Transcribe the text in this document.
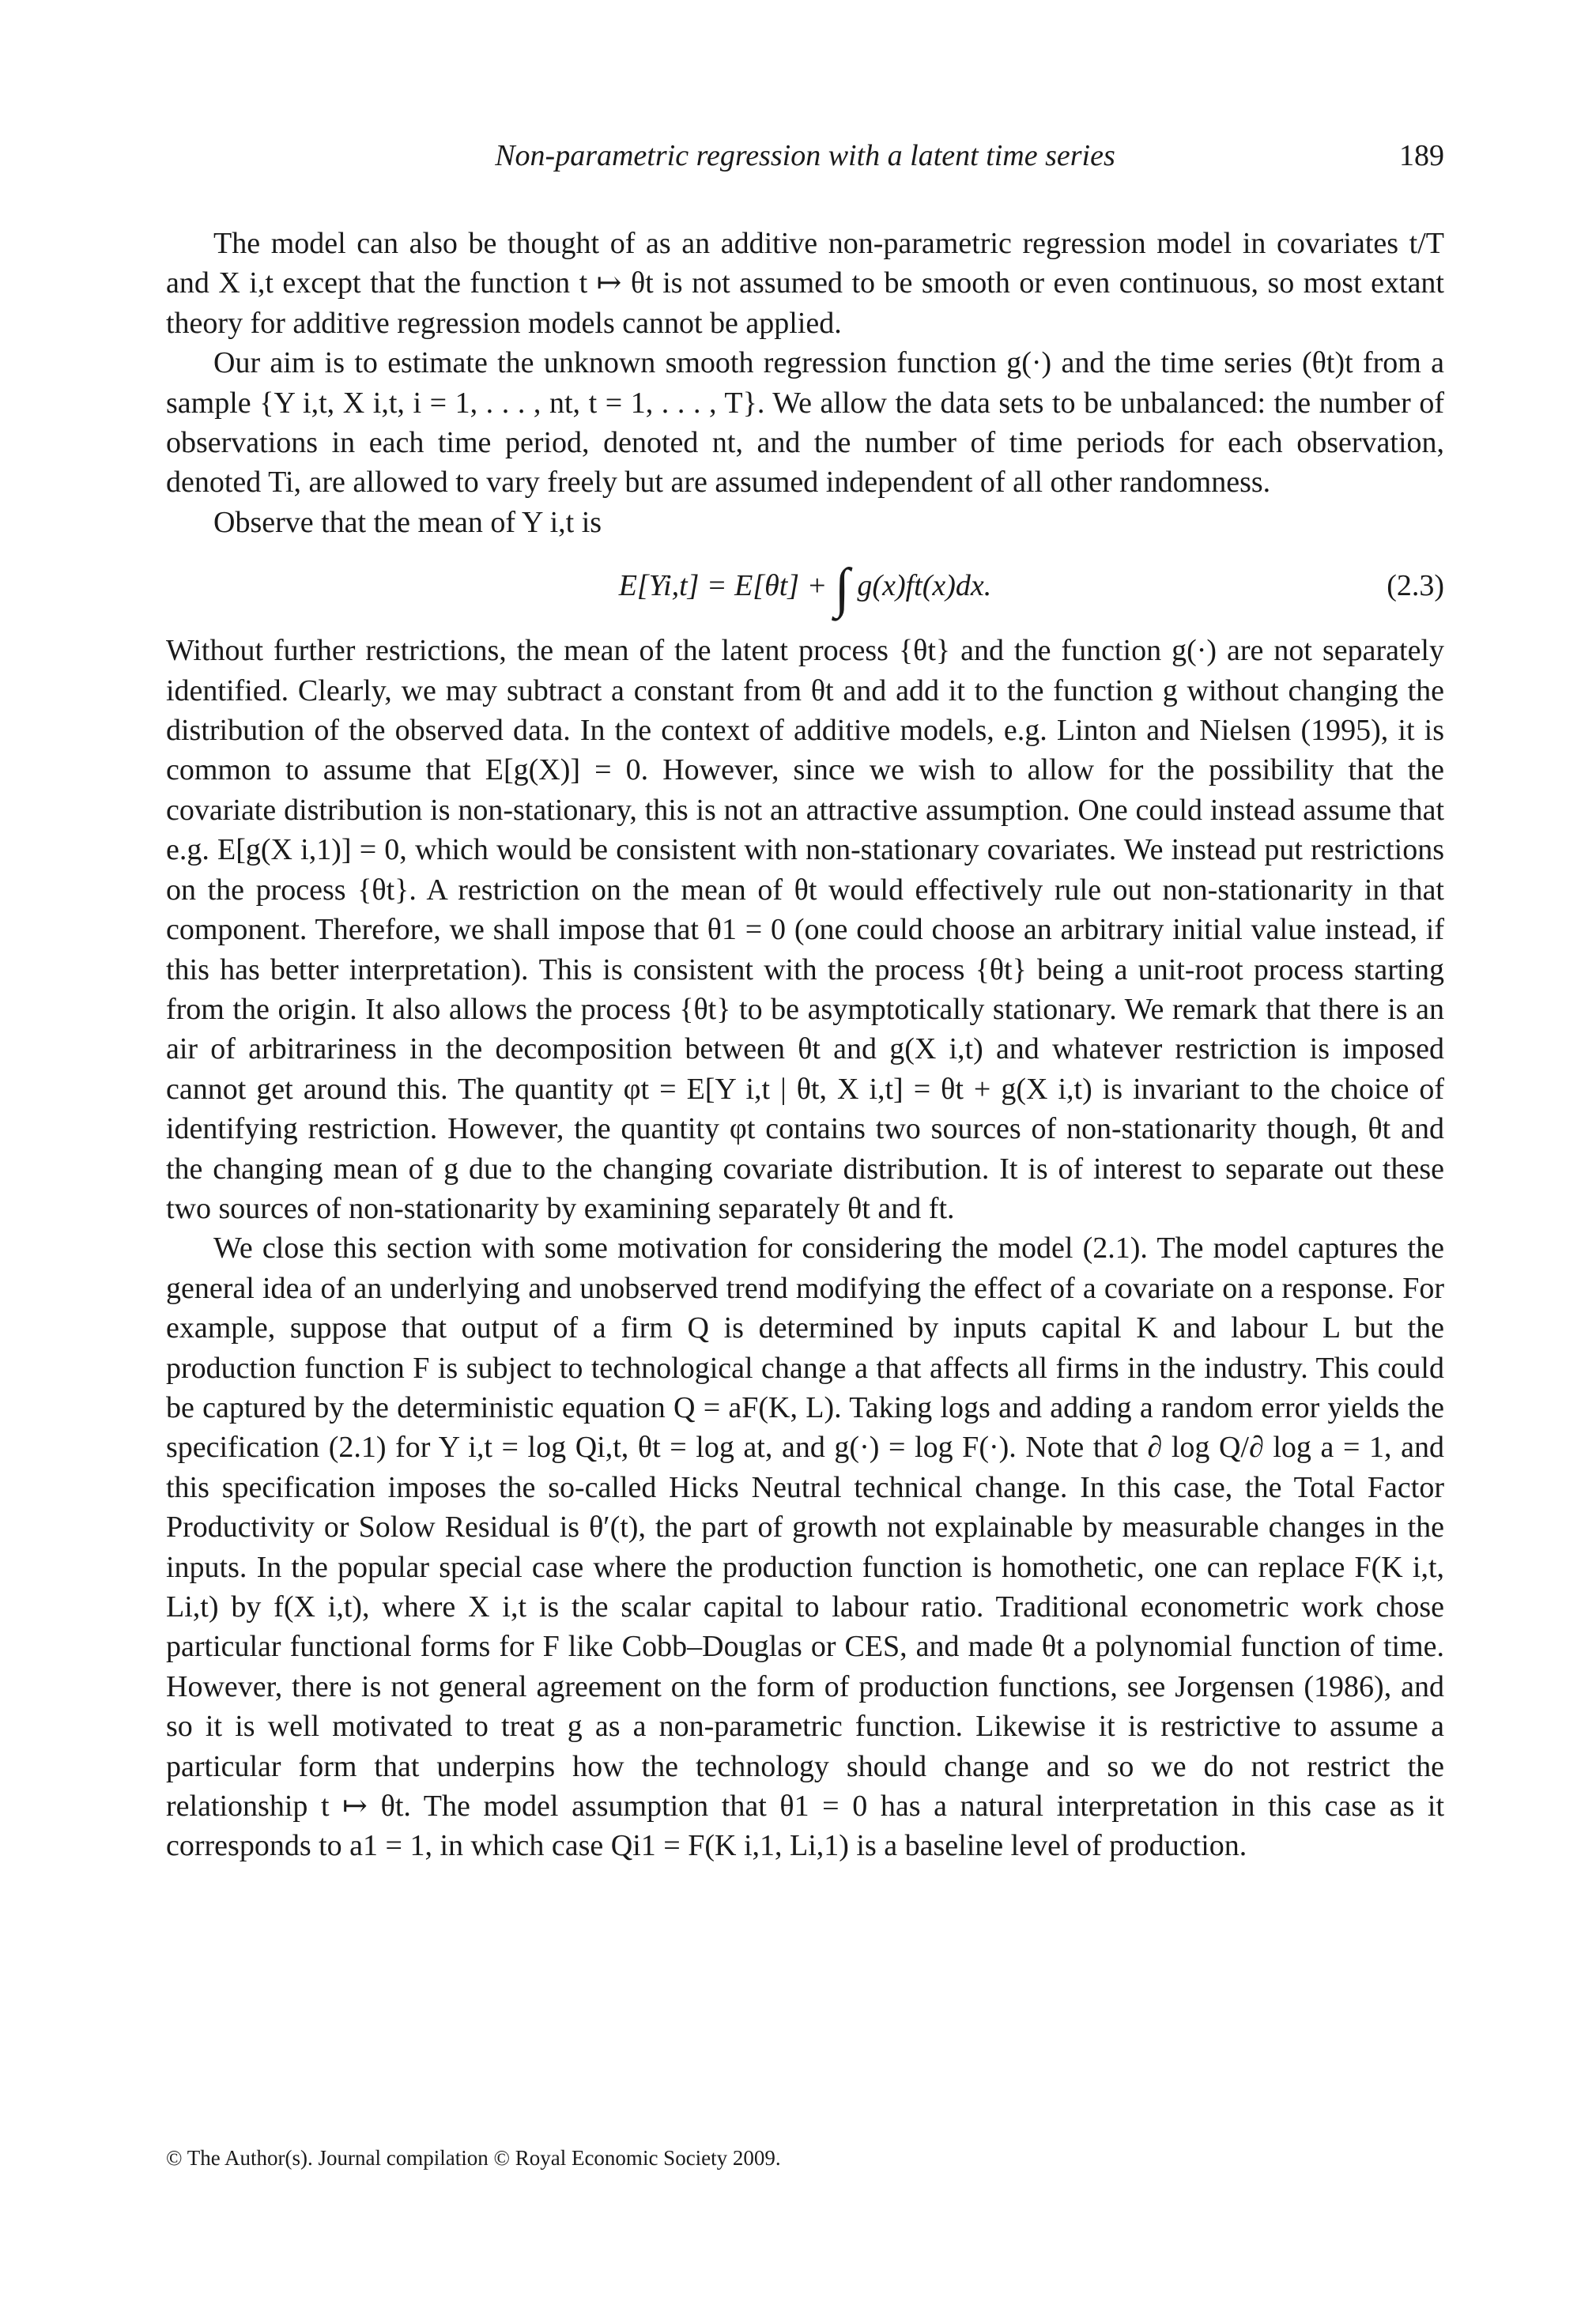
Non-parametric regression with a latent time series	189

The model can also be thought of as an additive non-parametric regression model in covariates t/T and X i,t except that the function t ↦ θt is not assumed to be smooth or even continuous, so most extant theory for additive regression models cannot be applied.

Our aim is to estimate the unknown smooth regression function g(·) and the time series (θt)t from a sample {Y i,t, X i,t, i = 1, . . . , nt, t = 1, . . . , T}. We allow the data sets to be unbalanced: the number of observations in each time period, denoted nt, and the number of time periods for each observation, denoted Ti, are allowed to vary freely but are assumed independent of all other randomness.

Observe that the mean of Y i,t is

E[Yi,t] = E[θt] + ∫ g(x)ft(x)dx.	(2.3)

Without further restrictions, the mean of the latent process {θt} and the function g(·) are not separately identified. Clearly, we may subtract a constant from θt and add it to the function g without changing the distribution of the observed data. In the context of additive models, e.g. Linton and Nielsen (1995), it is common to assume that E[g(X)] = 0. However, since we wish to allow for the possibility that the covariate distribution is non-stationary, this is not an attractive assumption. One could instead assume that e.g. E[g(X i,1)] = 0, which would be consistent with non-stationary covariates. We instead put restrictions on the process {θt}. A restriction on the mean of θt would effectively rule out non-stationarity in that component. Therefore, we shall impose that θ1 = 0 (one could choose an arbitrary initial value instead, if this has better interpretation). This is consistent with the process {θt} being a unit-root process starting from the origin. It also allows the process {θt} to be asymptotically stationary. We remark that there is an air of arbitrariness in the decomposition between θt and g(X i,t) and whatever restriction is imposed cannot get around this. The quantity φt = E[Y i,t | θt, X i,t] = θt + g(X i,t) is invariant to the choice of identifying restriction. However, the quantity φt contains two sources of non-stationarity though, θt and the changing mean of g due to the changing covariate distribution. It is of interest to separate out these two sources of non-stationarity by examining separately θt and ft.

We close this section with some motivation for considering the model (2.1). The model captures the general idea of an underlying and unobserved trend modifying the effect of a covariate on a response. For example, suppose that output of a firm Q is determined by inputs capital K and labour L but the production function F is subject to technological change a that affects all firms in the industry. This could be captured by the deterministic equation Q = aF(K, L). Taking logs and adding a random error yields the specification (2.1) for Y i,t = log Qi,t, θt = log at, and g(·) = log F(·). Note that ∂ log Q/∂ log a = 1, and this specification imposes the so-called Hicks Neutral technical change. In this case, the Total Factor Productivity or Solow Residual is θ′(t), the part of growth not explainable by measurable changes in the inputs. In the popular special case where the production function is homothetic, one can replace F(K i,t, Li,t) by f(X i,t), where X i,t is the scalar capital to labour ratio. Traditional econometric work chose particular functional forms for F like Cobb–Douglas or CES, and made θt a polynomial function of time. However, there is not general agreement on the form of production functions, see Jorgensen (1986), and so it is well motivated to treat g as a non-parametric function. Likewise it is restrictive to assume a particular form that underpins how the technology should change and so we do not restrict the relationship t ↦ θt. The model assumption that θ1 = 0 has a natural interpretation in this case as it corresponds to a1 = 1, in which case Qi1 = F(K i,1, Li,1) is a baseline level of production.

© The Author(s). Journal compilation © Royal Economic Society 2009.
